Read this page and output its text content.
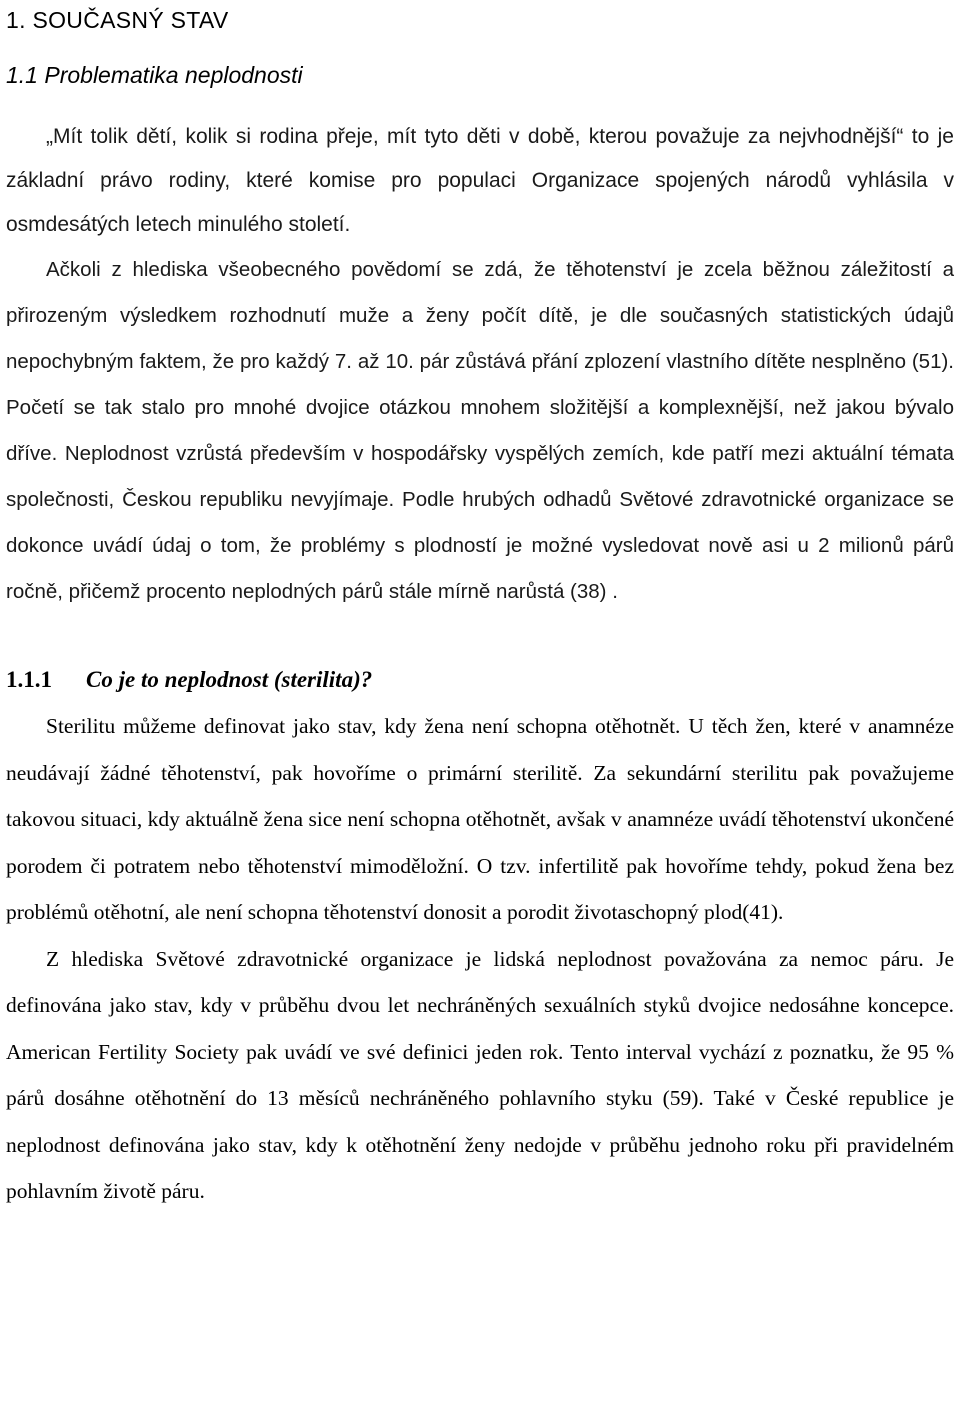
1. SOUČASNÝ STAV
1.1 Problematika neplodnosti

„Mít tolik dětí, kolik si rodina přeje, mít tyto děti v době, kterou považuje za nejvhodnější“ to je základní právo rodiny, které komise pro populaci Organizace spojených národů vyhlásila v osmdesátých letech minulého století.

Ačkoli z hlediska všeobecného povědomí se zdá, že těhotenství je zcela běžnou záležitostí a přirozeným výsledkem rozhodnutí muže a ženy počít dítě, je dle současných statistických údajů nepochybným faktem, že pro každý 7. až 10. pár zůstává přání zplození vlastního dítěte nesplněno (51). Početí se tak stalo pro mnohé dvojice otázkou mnohem složitější a komplexnější, než jakou bývalo dříve. Neplodnost vzrůstá především v hospodářsky vyspělých zemích, kde patří mezi aktuální témata společnosti, Českou republiku nevyjímaje. Podle hrubých odhadů Světové zdravotnické organizace se dokonce uvádí údaj o tom, že problémy s plodností je možné vysledovat nově asi u 2 milionů párů ročně, přičemž procento neplodných párů stále mírně narůstá (38) .

1.1.1	Co je to neplodnost (sterilita)?

Sterilitu můžeme definovat jako stav, kdy žena není schopna otěhotnět. U těch žen, které v anamnéze neudávají žádné těhotenství, pak hovoříme o primární sterilitě. Za sekundární sterilitu pak považujeme takovou situaci, kdy aktuálně žena sice není schopna otěhotnět, avšak v anamnéze uvádí těhotenství ukončené porodem či potratem nebo těhotenství mimoděložní. O tzv. infertilitě pak hovoříme tehdy, pokud žena bez problémů otěhotní, ale není schopna těhotenství donosit a porodit životaschopný plod(41).

Z hlediska Světové zdravotnické organizace je lidská neplodnost považována za nemoc páru. Je definována jako stav, kdy v průběhu dvou let nechráněných sexuálních styků dvojice nedosáhne koncepce. American Fertility Society pak uvádí ve své definici jeden rok. Tento interval vychází z poznatku, že 95 % párů dosáhne otěhotnění do 13 měsíců nechráněného pohlavního styku (59). Také v České republice je neplodnost definována jako stav, kdy k otěhotnění ženy nedojde v průběhu jednoho roku při pravidelném pohlavním životě páru.
